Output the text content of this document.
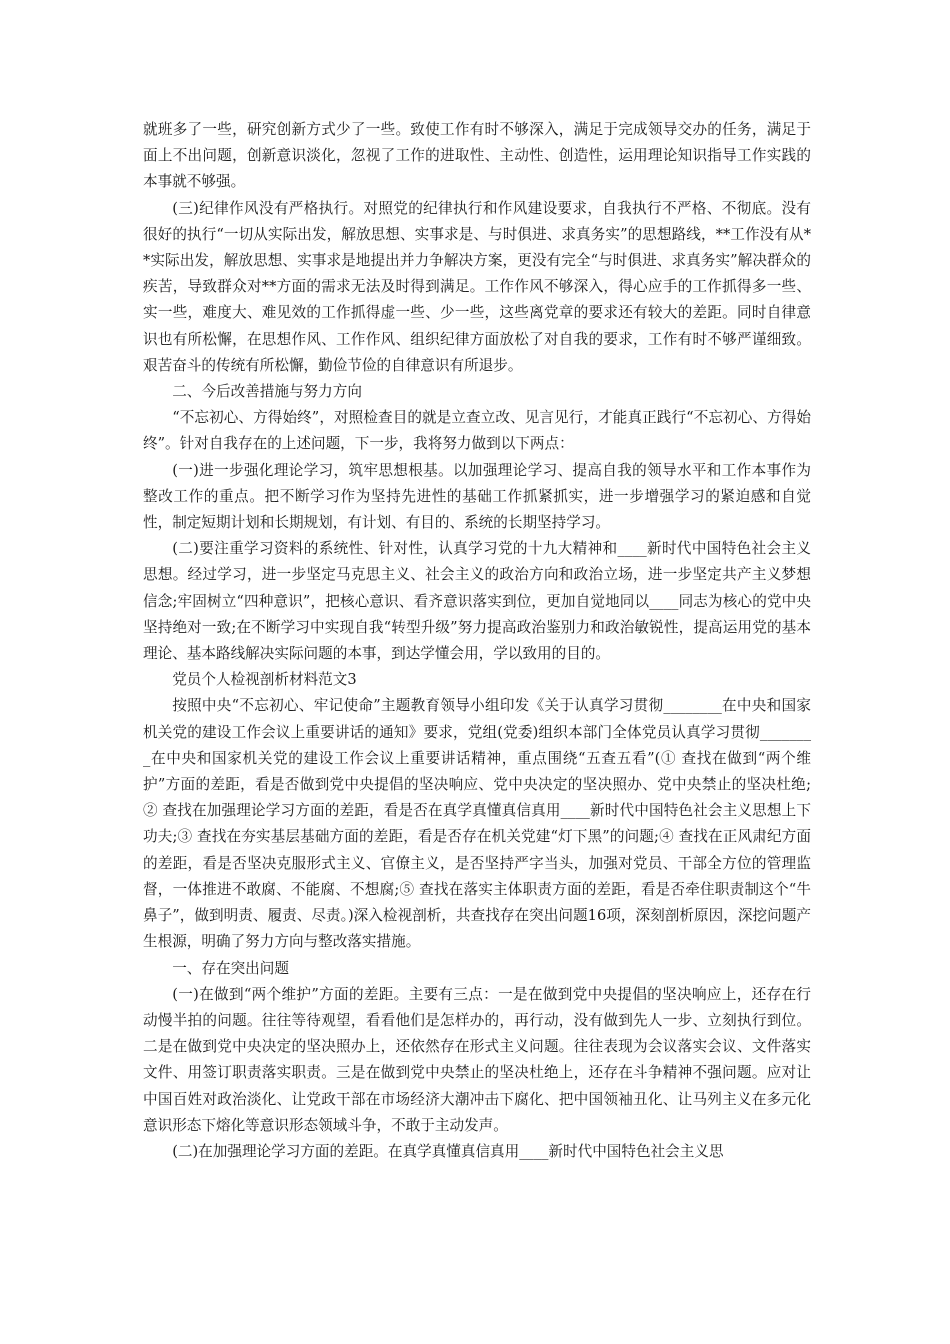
就班多了一些，研究创新方式少了一些。致使工作有时不够深入，满足于完成领导交办的任务，满足于面上不出问题，创新意识淡化，忽视了工作的进取性、主动性、创造性，运用理论知识指导工作实践的本事就不够强。

(三)纪律作风没有严格执行。对照党的纪律执行和作风建设要求，自我执行不严格、不彻底。没有很好的执行“一切从实际出发，解放思想、实事求是、与时俱进、求真务实”的思想路线，**工作没有从**实际出发，解放思想、实事求是地提出并力争解决方案，更没有完全“与时俱进、求真务实”解决群众的疾苦，导致群众对**方面的需求无法及时得到满足。工作作风不够深入，得心应手的工作抓得多一些、实一些，难度大、难见效的工作抓得虚一些、少一些，这些离党章的要求还有较大的差距。同时自律意识也有所松懈，在思想作风、工作作风、组织纪律方面放松了对自我的要求，工作有时不够严谨细致。艰苦奋斗的传统有所松懈，勤俭节俭的自律意识有所退步。

二、今后改善措施与努力方向

“不忘初心、方得始终”，对照检查目的就是立查立改、见言见行，才能真正践行“不忘初心、方得始终”。针对自我存在的上述问题，下一步，我将努力做到以下两点：

(一)进一步强化理论学习，筑牢思想根基。以加强理论学习、提高自我的领导水平和工作本事作为整改工作的重点。把不断学习作为坚持先进性的基础工作抓紧抓实，进一步增强学习的紧迫感和自觉性，制定短期计划和长期规划，有计划、有目的、系统的长期坚持学习。

(二)要注重学习资料的系统性、针对性，认真学习党的十九大精神和____新时代中国特色社会主义思想。经过学习，进一步坚定马克思主义、社会主义的政治方向和政治立场，进一步坚定共产主义梦想信念;牢固树立“四种意识”，把核心意识、看齐意识落实到位，更加自觉地同以____同志为核心的党中央坚持绝对一致;在不断学习中实现自我“转型升级”努力提高政治鉴别力和政治敏锐性，提高运用党的基本理论、基本路线解决实际问题的本事，到达学懂会用，学以致用的目的。

党员个人检视剖析材料范文3

按照中央“不忘初心、牢记使命”主题教育领导小组印发《关于认真学习贯彻________在中央和国家机关党的建设工作会议上重要讲话的通知》要求，党组(党委)组织本部门全体党员认真学习贯彻________在中央和国家机关党的建设工作会议上重要讲话精神，重点围绕“五查五看”(① 查找在做到“两个维护”方面的差距，看是否做到党中央提倡的坚决响应、党中央决定的坚决照办、党中央禁止的坚决杜绝;② 查找在加强理论学习方面的差距，看是否在真学真懂真信真用____新时代中国特色社会主义思想上下功夫;③ 查找在夯实基层基础方面的差距，看是否存在机关党建“灯下黑”的问题;④ 查找在正风肃纪方面的差距，看是否坚决克服形式主义、官僚主义，是否坚持严字当头，加强对党员、干部全方位的管理监督，一体推进不敢腐、不能腐、不想腐;⑤ 查找在落实主体职责方面的差距，看是否牵住职责制这个“牛鼻子”，做到明责、履责、尽责。)深入检视剖析，共查找存在突出问题16项，深刻剖析原因，深挖问题产生根源，明确了努力方向与整改落实措施。

一、存在突出问题

(一)在做到“两个维护”方面的差距。主要有三点：一是在做到党中央提倡的坚决响应上，还存在行动慢半拍的问题。往往等待观望，看看他们是怎样办的，再行动，没有做到先人一步、立刻执行到位。二是在做到党中央决定的坚决照办上，还依然存在形式主义问题。往往表现为会议落实会议、文件落实文件、用签订职责落实职责。三是在做到党中央禁止的坚决杜绝上，还存在斗争精神不强问题。应对让中国百姓对政治淡化、让党政干部在市场经济大潮冲击下腐化、把中国领袖丑化、让马列主义在多元化意识形态下熔化等意识形态领域斗争，不敢于主动发声。

(二)在加强理论学习方面的差距。在真学真懂真信真用____新时代中国特色社会主义思
